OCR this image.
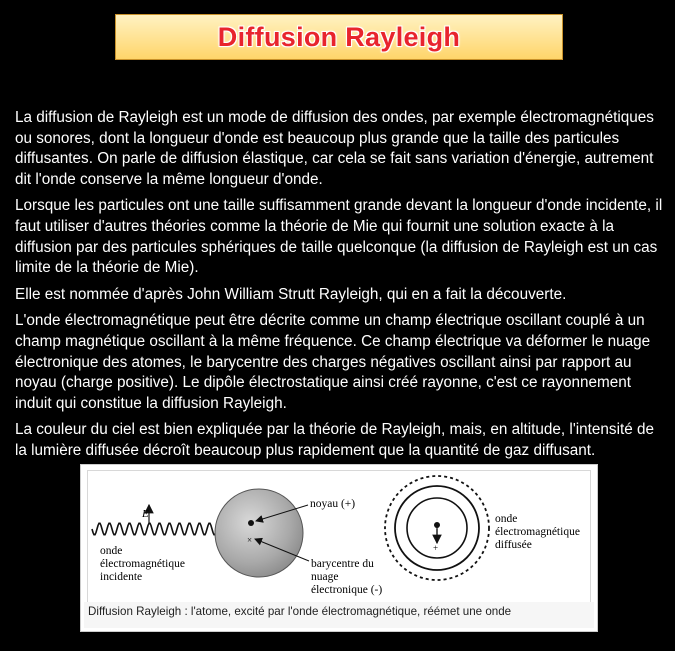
Diffusion Rayleigh

La diffusion de Rayleigh est un mode de diffusion des ondes, par exemple électromagnétiques ou sonores, dont la longueur d'onde est beaucoup plus grande que la taille des particules diffusantes. On parle de diffusion élastique, car cela se fait sans variation d'énergie, autrement dit l'onde conserve la même longueur d'onde.

Lorsque les particules ont une taille suffisamment grande devant la longueur d'onde incidente, il faut utiliser d'autres théories comme la théorie de Mie qui fournit une solution exacte à la diffusion par des particules sphériques de taille quelconque (la diffusion de Rayleigh est un cas limite de la théorie de Mie).

Elle est nommée d'après John William Strutt Rayleigh, qui en a fait la découverte.

L'onde électromagnétique peut être décrite comme un champ électrique oscillant couplé à un champ magnétique oscillant à la même fréquence. Ce champ électrique va déformer le nuage électronique des atomes, le barycentre des charges négatives oscillant ainsi par rapport au noyau (charge positive). Le dipôle électrostatique ainsi créé rayonne, c'est ce rayonnement induit qui constitue la diffusion Rayleigh.

La couleur du ciel est bien expliquée par la théorie de Rayleigh, mais, en altitude, l'intensité de la lumière diffusée décroît beaucoup plus rapidement que la quantité de gaz diffusant.

E
×
onde
électromagnétique
incidente
noyau (+)
barycentre du
nuage
électronique (-)
+
onde
électromagnétique
diffusée
Diffusion Rayleigh : l'atome, excité par l'onde électromagnétique, réémet une onde
